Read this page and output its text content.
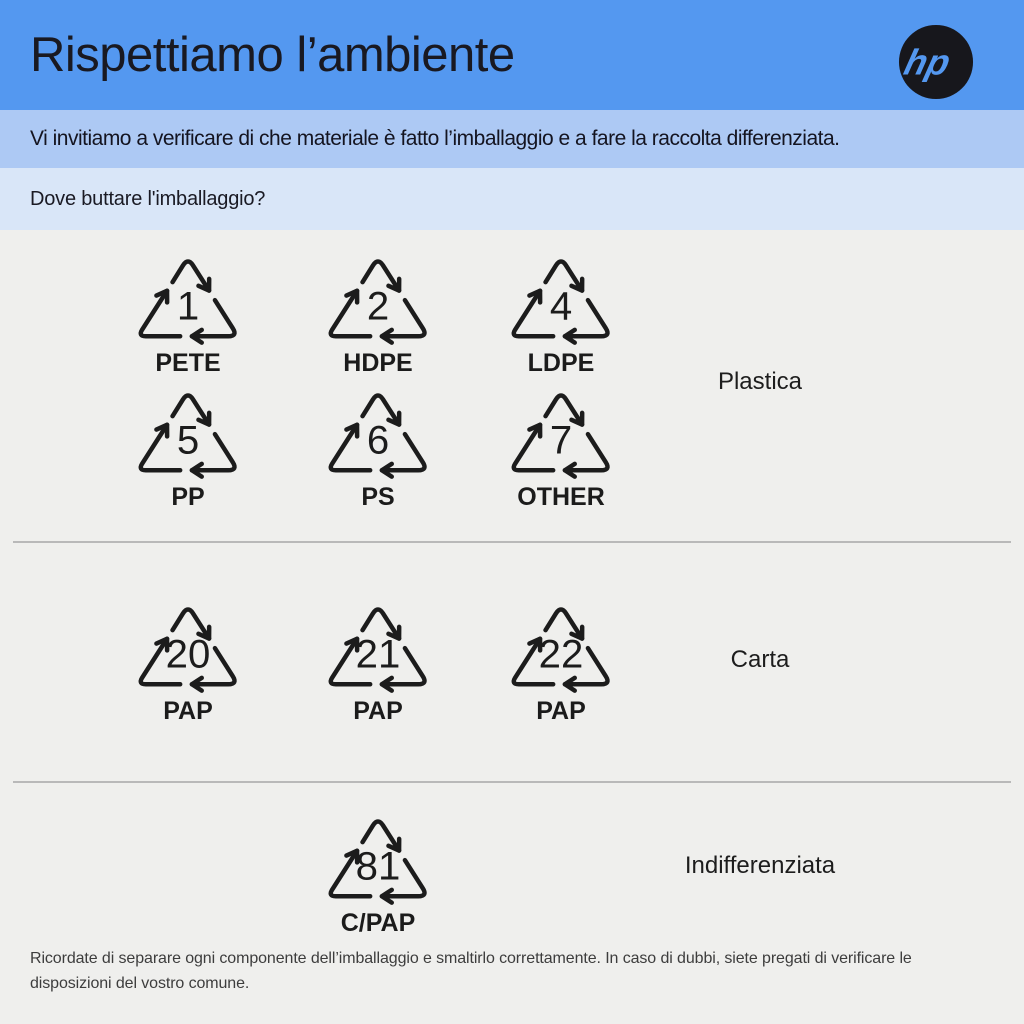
Rispettiamo l’ambiente	hp
Vi invitiamo a verificare di che materiale è fatto l’imballaggio e a fare la raccolta differenziata.
Dove buttare l'imballaggio?
1
PETE
2
HDPE
4
LDPE
5
PP
6
PS
7
OTHER
Plastica
20
PAP
21
PAP
22
PAP
Carta
81
C/PAP
Indifferenziata
Ricordate di separare ogni componente dell’imballaggio e smaltirlo correttamente. In caso di dubbi, siete pregati di verificare le
disposizioni del vostro comune.
